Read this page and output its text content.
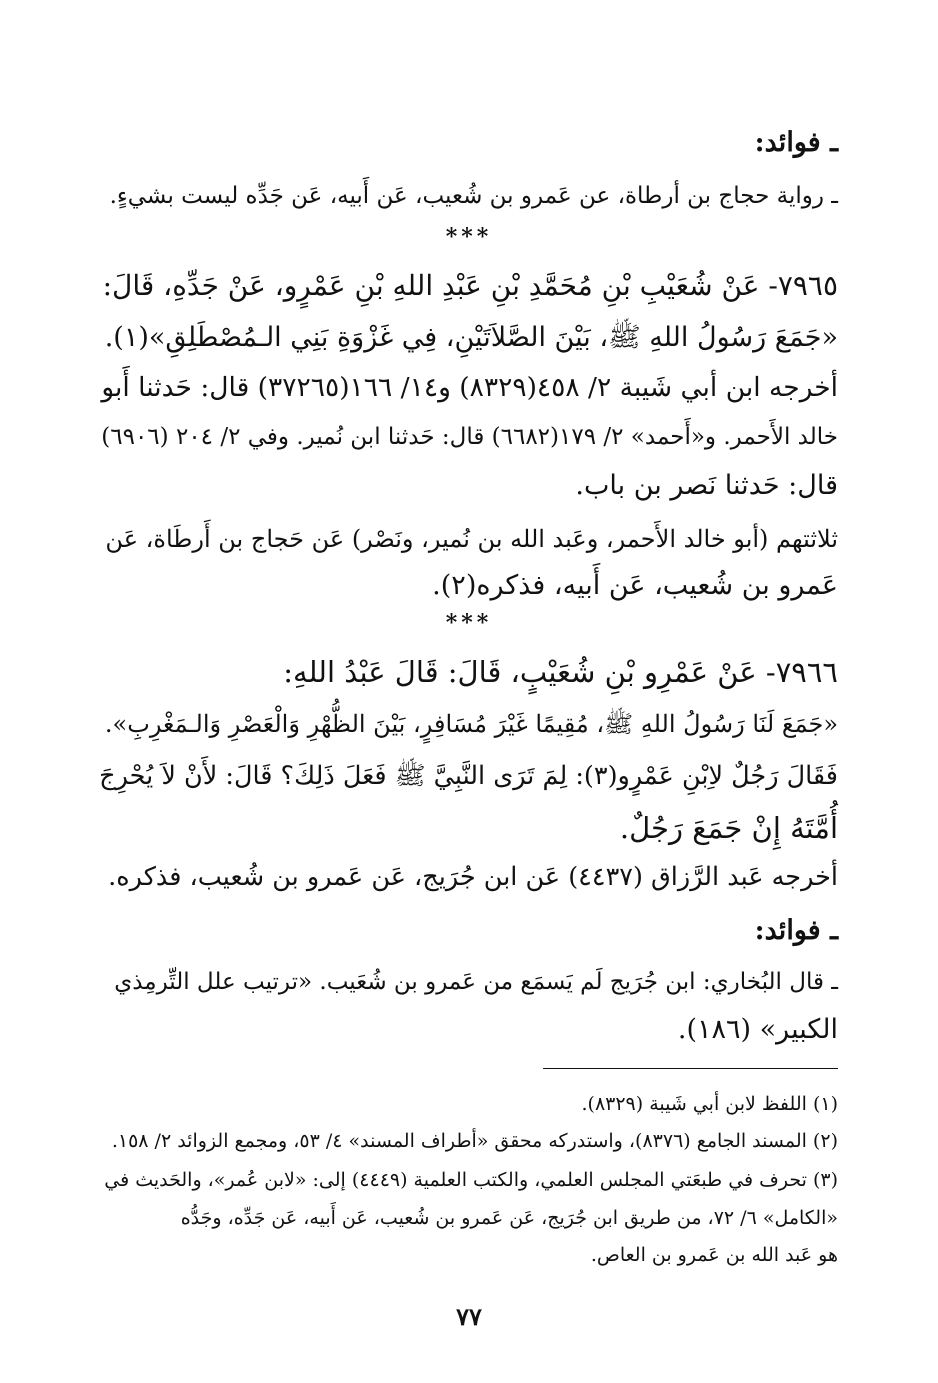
ـ فوائد:
ـ رواية حجاج بن أرطاة، عن عَمرو بن شُعيب، عَن أَبيه، عَن جَدِّه ليست بشيءٍ.
***
٧٩٦٥- عَنْ شُعَيْبِ بْنِ مُحَمَّدِ بْنِ عَبْدِ اللهِ بْنِ عَمْرٍو، عَنْ جَدِّهِ، قَالَ:
«جَمَعَ رَسُولُ اللهِ ﷺ، بَيْنَ الصَّلاَتَيْنِ، فِي غَزْوَةِ بَنِي الـمُصْطَلِقِ»(١).
أخرجه ابن أبي شَيبة ٢/ ٤٥٨(٨٣٢٩) و١٤/ ١٦٦(٣٧٢٦٥) قال: حَدثنا أَبو
خالد الأَحمر. و«أَحمد» ٢/ ١٧٩(٦٦٨٢) قال: حَدثنا ابن نُمير. وفي ٢/ ٢٠٤ (٦٩٠٦)
قال: حَدثنا نَصر بن باب.
ثلاثتهم (أبو خالد الأَحمر، وعَبد الله بن نُمير، ونَصْر) عَن حَجاج بن أَرطَاة، عَن
عَمرو بن شُعيب، عَن أَبيه، فذكره(٢).
***
٧٩٦٦- عَنْ عَمْرِو بْنِ شُعَيْبٍ، قَالَ: قَالَ عَبْدُ اللهِ:
«جَمَعَ لَنَا رَسُولُ اللهِ ﷺ، مُقِيمًا غَيْرَ مُسَافِرٍ، بَيْنَ الظُّهْرِ وَالْعَصْرِ وَالـمَغْرِبِ».
فَقَالَ رَجُلٌ لاِبْنِ عَمْرٍو(٣): لِمَ تَرَى النَّبِيَّ ﷺ فَعَلَ ذَلِكَ؟ قَالَ: لأَنْ لاَ يُحْرِجَ
أُمَّتَهُ إِنْ جَمَعَ رَجُلٌ.
أخرجه عَبد الرَّزاق (٤٤٣٧) عَن ابن جُرَيج، عَن عَمرو بن شُعيب، فذكره.
ـ فوائد:
ـ قال البُخاري: ابن جُرَيج لَم يَسمَع من عَمرو بن شُعَيب. «ترتيب علل التِّرمِذي
الكبير» (١٨٦).
(١) اللفظ لابن أبي شَيبة (٨٣٢٩).
(٢) المسند الجامع (٨٣٧٦)، واستدركه محقق «أطراف المسند» ٤/ ٥٣، ومجمع الزوائد ٢/ ١٥٨.
(٣) تحرف في طبعَتي المجلس العلمي، والكتب العلمية (٤٤٤٩) إلى: «لابن عُمر»، والحَديث في
«الكامل» ٦/ ٧٢، من طريق ابن جُرَيج، عَن عَمرو بن شُعيب، عَن أَبيه، عَن جَدِّه، وجَدُّه
هو عَبد الله بن عَمرو بن العاص.
٧٧
